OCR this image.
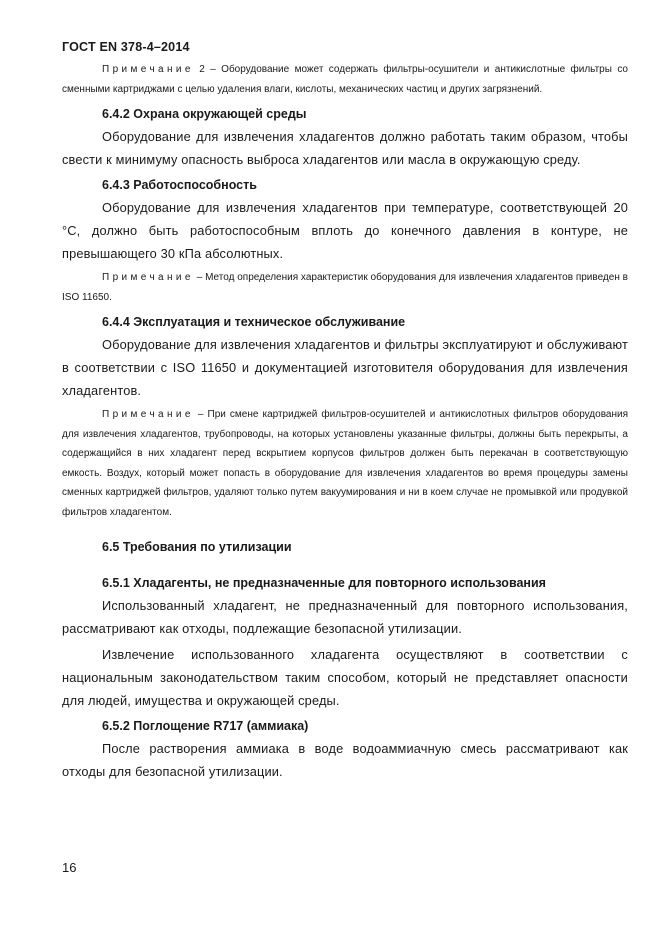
ГОСТ EN 378-4–2014

Примечание 2 – Оборудование может содержать фильтры-осушители и антикислотные фильтры со сменными картриджами с целью удаления влаги, кислоты, механических частиц и других загрязнений.

6.4.2 Охрана окружающей среды

Оборудование для извлечения хладагентов должно работать таким образом, чтобы свести к минимуму опасность выброса хладагентов или масла в окружающую среду.

6.4.3 Работоспособность

Оборудование для извлечения хладагентов при температуре, соответствующей 20 °С, должно быть работоспособным вплоть до конечного давления в контуре, не превышающего 30 кПа абсолютных.

Примечание – Метод определения характеристик оборудования для извлечения хладагентов приведен в ISO 11650.

6.4.4 Эксплуатация и техническое обслуживание

Оборудование для извлечения хладагентов и фильтры эксплуатируют и обслуживают в соответствии с ISO 11650 и документацией изготовителя оборудования для извлечения хладагентов.

Примечание – При смене картриджей фильтров-осушителей и антикислотных фильтров оборудования для извлечения хладагентов, трубопроводы, на которых установлены указанные фильтры, должны быть перекрыты, а содержащийся в них хладагент перед вскрытием корпусов фильтров должен быть перекачан в соответствующую емкость. Воздух, который может попасть в оборудование для извлечения хладагентов во время процедуры замены сменных картриджей фильтров, удаляют только путем вакуумирования и ни в коем случае не промывкой или продувкой фильтров хладагентом.

6.5 Требования по утилизации
6.5.1 Хладагенты, не предназначенные для повторного использования

Использованный хладагент, не предназначенный для повторного использования, рассматривают как отходы, подлежащие безопасной утилизации.

Извлечение использованного хладагента осуществляют в соответствии с национальным законодательством таким способом, который не представляет опасности для людей, имущества и окружающей среды.

6.5.2 Поглощение R717 (аммиака)

После растворения аммиака в воде водоаммиачную смесь рассматривают как отходы для безопасной утилизации.

16
